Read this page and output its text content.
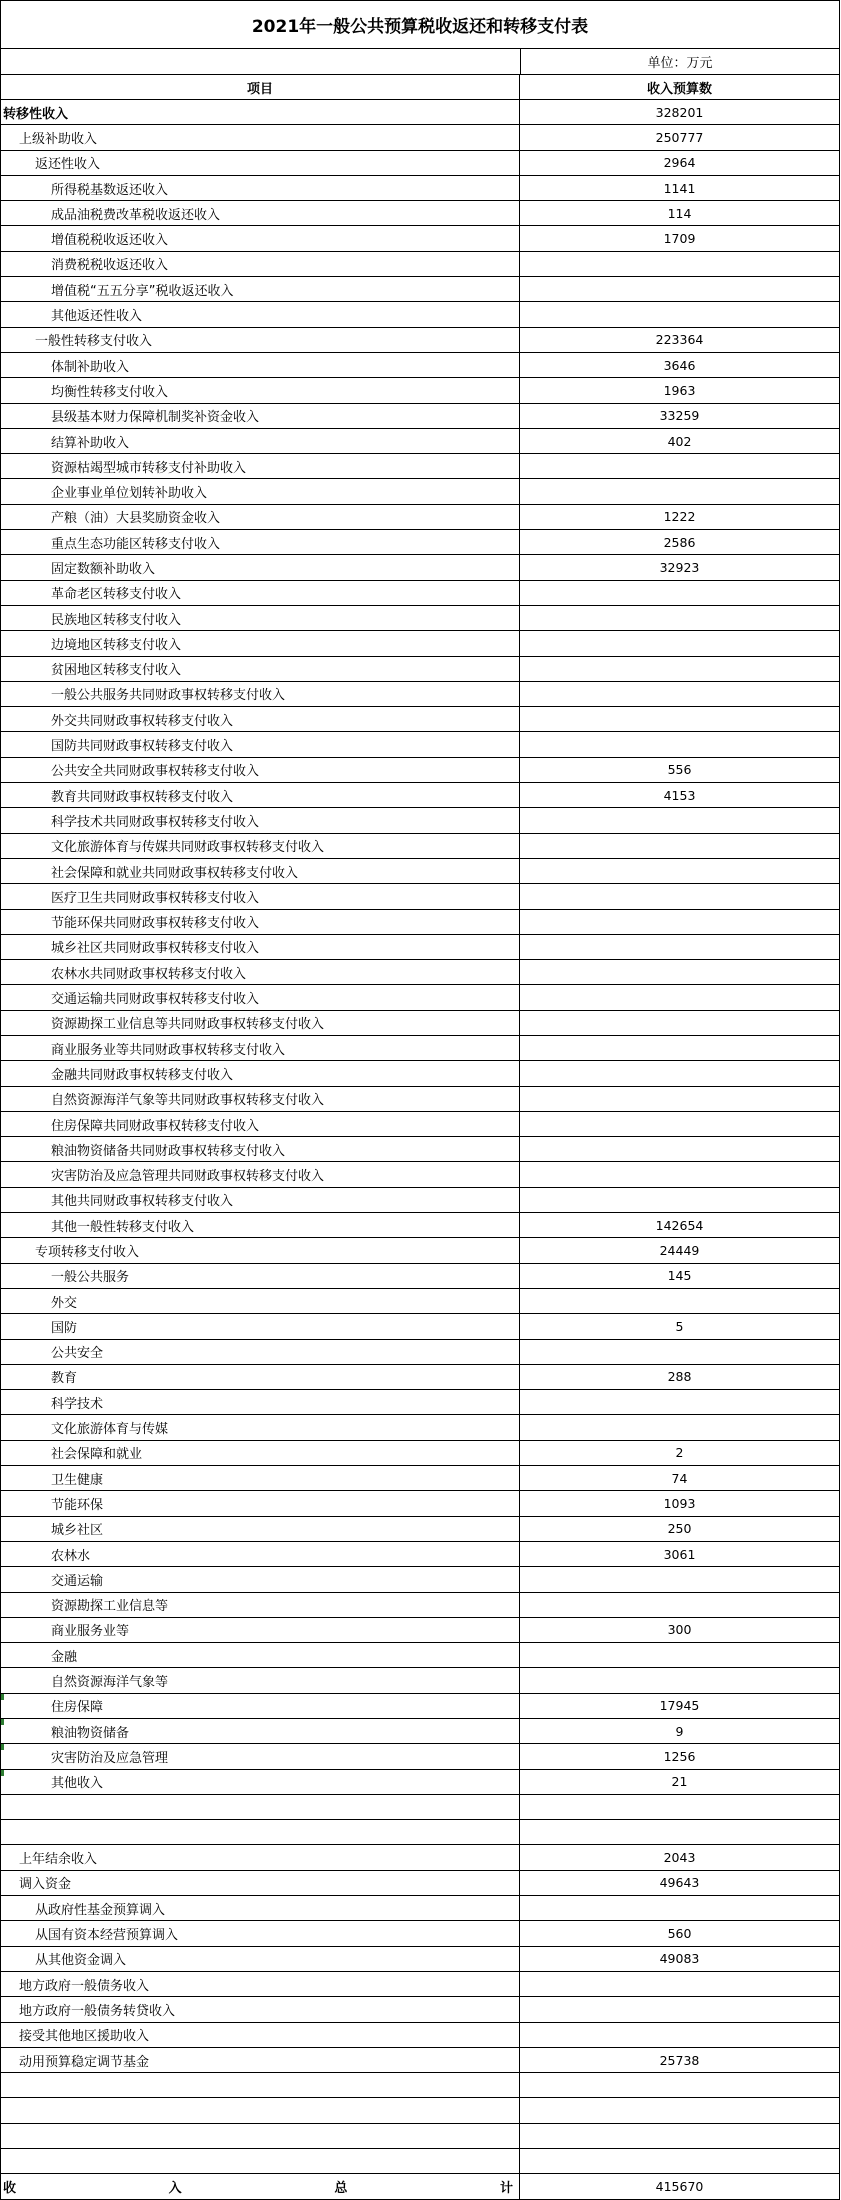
2021年一般公共预算税收返还和转移支付表
单位：万元
项目	收入预算数
转移性收入	328201
上级补助收入	250777
返还性收入	2964
所得税基数返还收入	1141
成品油税费改革税收返还收入	114
增值税税收返还收入	1709
消费税税收返还收入
增值税“五五分享”税收返还收入
其他返还性收入
一般性转移支付收入	223364
体制补助收入	3646
均衡性转移支付收入	1963
县级基本财力保障机制奖补资金收入	33259
结算补助收入	402
资源枯竭型城市转移支付补助收入
企业事业单位划转补助收入
产粮（油）大县奖励资金收入	1222
重点生态功能区转移支付收入	2586
固定数额补助收入	32923
革命老区转移支付收入
民族地区转移支付收入
边境地区转移支付收入
贫困地区转移支付收入
一般公共服务共同财政事权转移支付收入
外交共同财政事权转移支付收入
国防共同财政事权转移支付收入
公共安全共同财政事权转移支付收入	556
教育共同财政事权转移支付收入	4153
科学技术共同财政事权转移支付收入
文化旅游体育与传媒共同财政事权转移支付收入
社会保障和就业共同财政事权转移支付收入
医疗卫生共同财政事权转移支付收入
节能环保共同财政事权转移支付收入
城乡社区共同财政事权转移支付收入
农林水共同财政事权转移支付收入
交通运输共同财政事权转移支付收入
资源勘探工业信息等共同财政事权转移支付收入
商业服务业等共同财政事权转移支付收入
金融共同财政事权转移支付收入
自然资源海洋气象等共同财政事权转移支付收入
住房保障共同财政事权转移支付收入
粮油物资储备共同财政事权转移支付收入
灾害防治及应急管理共同财政事权转移支付收入
其他共同财政事权转移支付收入
其他一般性转移支付收入	142654
专项转移支付收入	24449
一般公共服务	145
外交
国防	5
公共安全
教育	288
科学技术
文化旅游体育与传媒
社会保障和就业	2
卫生健康	74
节能环保	1093
城乡社区	250
农林水	3061
交通运输
资源勘探工业信息等
商业服务业等	300
金融
自然资源海洋气象等
住房保障	17945
粮油物资储备	9
灾害防治及应急管理	1256
其他收入	21
上年结余收入	2043
调入资金	49643
从政府性基金预算调入
从国有资本经营预算调入	560
从其他资金调入	49083
地方政府一般债务收入
地方政府一般债务转贷收入
接受其他地区援助收入
动用预算稳定调节基金	25738
收	入	总	计	415670
